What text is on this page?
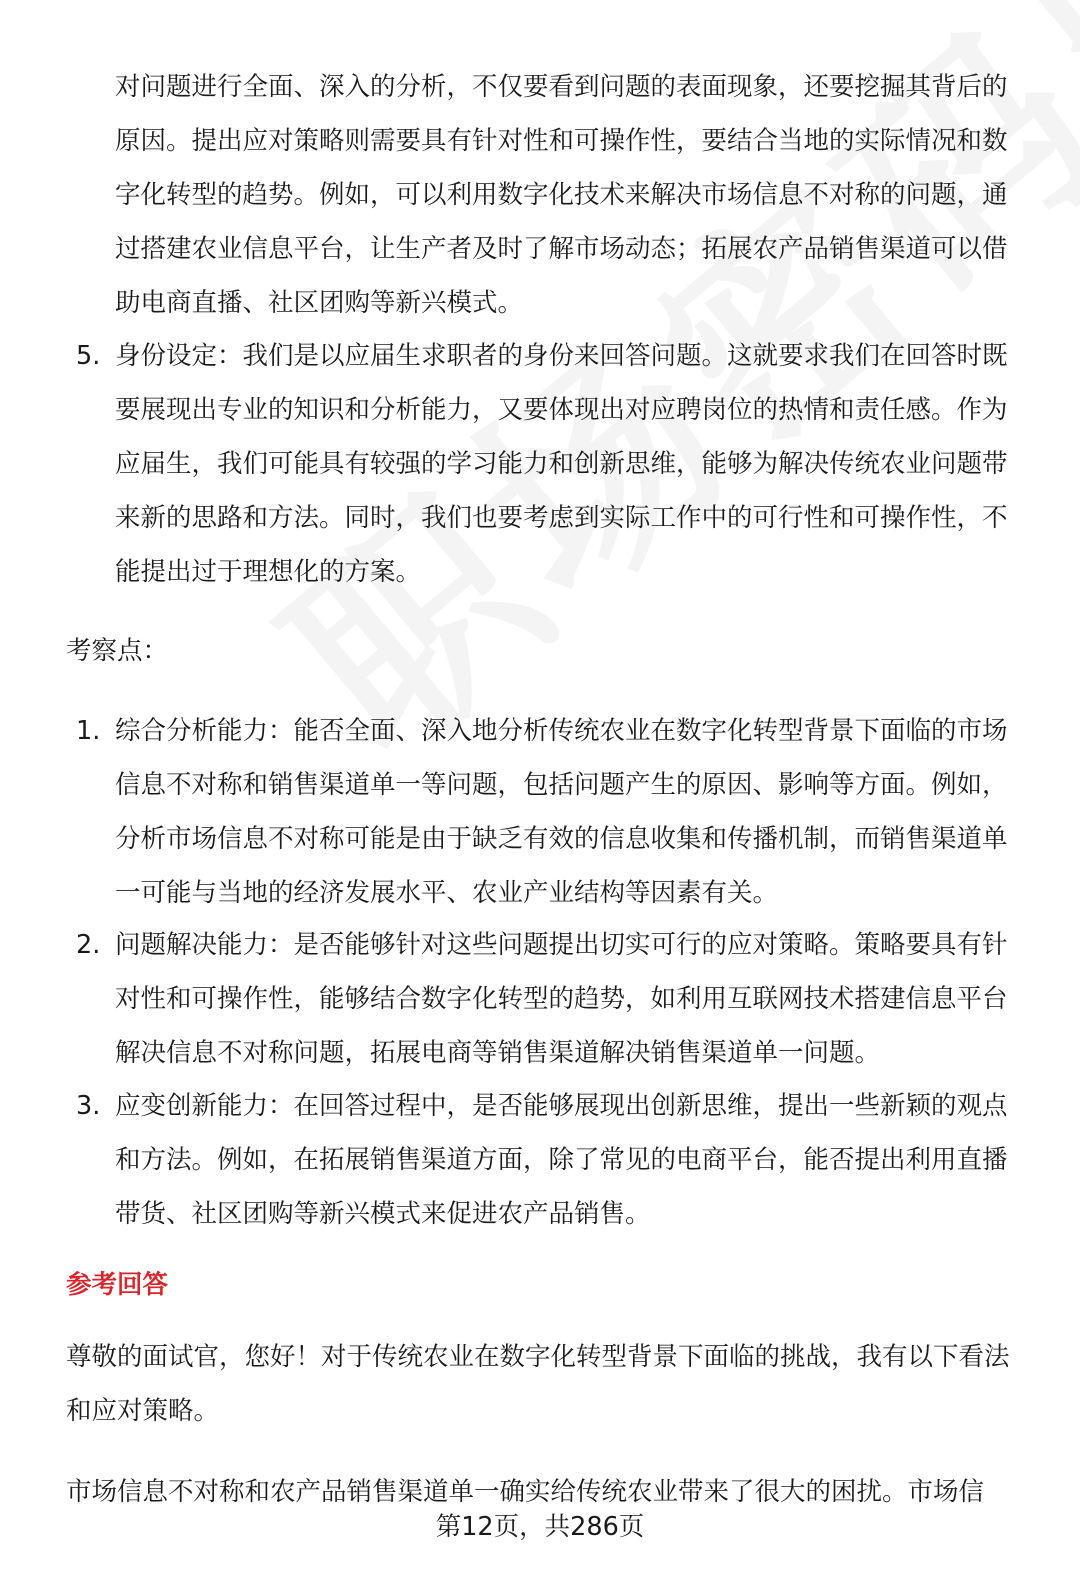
对问题进行全面、深入的分析，不仅要看到问题的表面现象，还要挖掘其背后的原因。提出应对策略则需要具有针对性和可操作性，要结合当地的实际情况和数字化转型的趋势。例如，可以利用数字化技术来解决市场信息不对称的问题，通过搭建农业信息平台，让生产者及时了解市场动态；拓展农产品销售渠道可以借助电商直播、社区团购等新兴模式。

5. 身份设定：我们是以应届生求职者的身份来回答问题。这就要求我们在回答时既要展现出专业的知识和分析能力，又要体现出对应聘岗位的热情和责任感。作为应届生，我们可能具有较强的学习能力和创新思维，能够为解决传统农业问题带来新的思路和方法。同时，我们也要考虑到实际工作中的可行性和可操作性，不能提出过于理想化的方案。

考察点：

1. 综合分析能力：能否全面、深入地分析传统农业在数字化转型背景下面临的市场信息不对称和销售渠道单一等问题，包括问题产生的原因、影响等方面。例如，分析市场信息不对称可能是由于缺乏有效的信息收集和传播机制，而销售渠道单一可能与当地的经济发展水平、农业产业结构等因素有关。
2. 问题解决能力：是否能够针对这些问题提出切实可行的应对策略。策略要具有针对性和可操作性，能够结合数字化转型的趋势，如利用互联网技术搭建信息平台解决信息不对称问题，拓展电商等销售渠道解决销售渠道单一问题。
3. 应变创新能力：在回答过程中，是否能够展现出创新思维，提出一些新颖的观点和方法。例如，在拓展销售渠道方面，除了常见的电商平台，能否提出利用直播带货、社区团购等新兴模式来促进农产品销售。

参考回答

尊敬的面试官，您好！对于传统农业在数字化转型背景下面临的挑战，我有以下看法和应对策略。

市场信息不对称和农产品销售渠道单一确实给传统农业带来了很大的困扰。市场信

第12页，共286页
